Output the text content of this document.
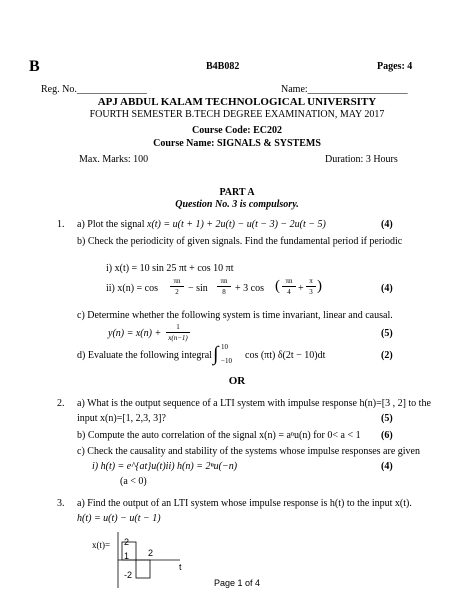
B	B4B082	Pages: 4
Reg. No.______________	Name:____________________
APJ ABDUL KALAM TECHNOLOGICAL UNIVERSITY
FOURTH SEMESTER B.TECH DEGREE EXAMINATION, MAY 2017
Course Code: EC202
Course Name: SIGNALS & SYSTEMS
Max. Marks: 100	Duration: 3 Hours
PART A
Question No. 3 is compulsory.
1. a) Plot the signal x(t) = u(t + 1) + 2u(t) − u(t − 3) − 2u(t − 5)	(4)
b) Check the periodicity of given signals. Find the fundamental period if periodic
i) x(t) = 10 sin 25 πt + cos 10 πt
ii) x(n) = cos
πn
2 − sin
πn
8 + 3 cos ( πn
4 +
π
3 )	(4)
c) Determine whether the following system is time invariant, linear and causal.
y(n) = x(n) +
1
x(n−1)	(5)
d) Evaluate the following integral ∫ 10
−10 cos (πt) δ(2t − 10)dt	(2)
OR
2. a) What is the output sequence of a LTI system with impulse response h(n)=[3 , 2] to the
input x(n)=[1, 2,3, 3]?	(5)
b) Compute the auto correlation of the signal x(n) = aⁿu(n) for 0< a < 1 (6)
c) Check the causality and stability of the systems whose impulse responses are given
i) h(t) = e^{at}u(t)ii) h(n) = 2ⁿu(−n)	(4)
(a < 0)
3. a) Find the output of an LTI system whose impulse response is h(t) to the input x(t).
h(t) = u(t) − u(t − 1)
x(t)= 2
1
-2
2
t
Page 1 of 4
